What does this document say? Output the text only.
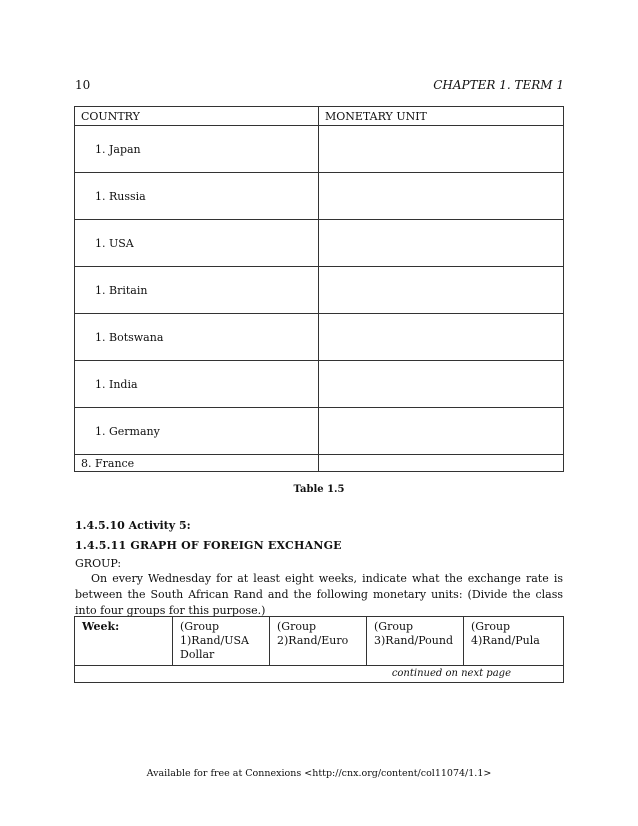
10	CHAPTER 1. TERM 1
COUNTRY	MONETARY UNIT
1. Japan	
1. Russia	
1. USA	
1. Britain	
1. Botswana	
1. India	
1. Germany	
8. France	
Table 1.5
1.4.5.10 Activity 5:
1.4.5.11 GRAPH OF FOREIGN EXCHANGE
GROUP:
On every Wednesday for at least eight weeks, indicate what the exchange rate is between the South African Rand and the following monetary units: (Divide the class into four groups for this purpose.)
Week:	(Group 1)Rand/USA Dollar	(Group 2)Rand/Euro	(Group 3)Rand/Pound	(Group 4)Rand/Pula
continued on next page
Available for free at Connexions <http://cnx.org/content/col11074/1.1>
